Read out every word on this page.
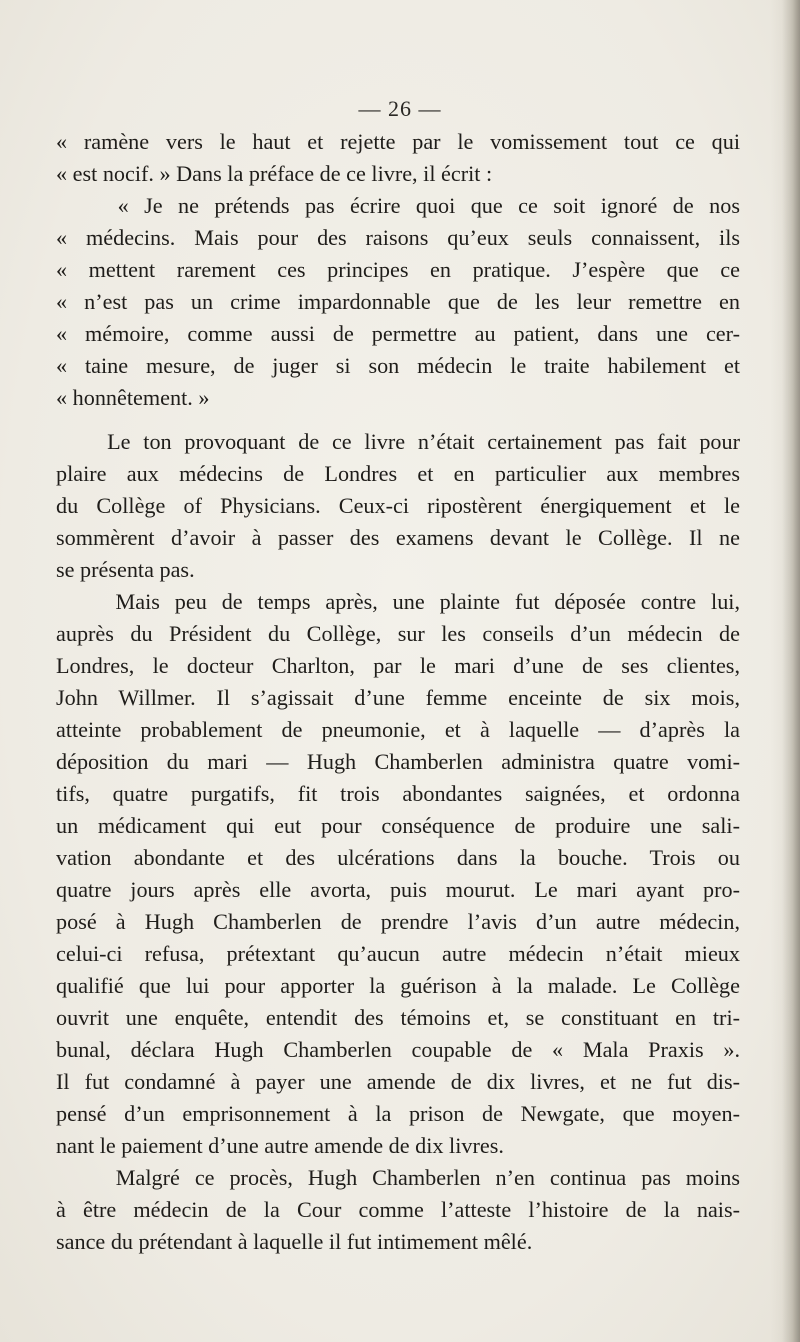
— 26 —
« ramène vers le haut et rejette par le vomissement tout ce qui
« est nocif. » Dans la préface de ce livre, il écrit :
« Je ne prétends pas écrire quoi que ce soit ignoré de nos
« médecins. Mais pour des raisons qu’eux seuls connaissent, ils
« mettent rarement ces principes en pratique. J’espère que ce
« n’est pas un crime impardonnable que de les leur remettre en
« mémoire, comme aussi de permettre au patient, dans une cer-
« taine mesure, de juger si son médecin le traite habilement et
« honnêtement. »
Le ton provoquant de ce livre n’était certainement pas fait pour
plaire aux médecins de Londres et en particulier aux membres
du Collège of Physicians. Ceux-ci ripostèrent énergiquement et le
sommèrent d’avoir à passer des examens devant le Collège. Il ne
se présenta pas.
Mais peu de temps après, une plainte fut déposée contre lui,
auprès du Président du Collège, sur les conseils d’un médecin de
Londres, le docteur Charlton, par le mari d’une de ses clientes,
John Willmer. Il s’agissait d’une femme enceinte de six mois,
atteinte probablement de pneumonie, et à laquelle — d’après la
déposition du mari — Hugh Chamberlen administra quatre vomi-
tifs, quatre purgatifs, fit trois abondantes saignées, et ordonna
un médicament qui eut pour conséquence de produire une sali-
vation abondante et des ulcérations dans la bouche. Trois ou
quatre jours après elle avorta, puis mourut. Le mari ayant pro-
posé à Hugh Chamberlen de prendre l’avis d’un autre médecin,
celui-ci refusa, prétextant qu’aucun autre médecin n’était mieux
qualifié que lui pour apporter la guérison à la malade. Le Collège
ouvrit une enquête, entendit des témoins et, se constituant en tri-
bunal, déclara Hugh Chamberlen coupable de « Mala Praxis ».
Il fut condamné à payer une amende de dix livres, et ne fut dis-
pensé d’un emprisonnement à la prison de Newgate, que moyen-
nant le paiement d’une autre amende de dix livres.
Malgré ce procès, Hugh Chamberlen n’en continua pas moins
à être médecin de la Cour comme l’atteste l’histoire de la nais-
sance du prétendant à laquelle il fut intimement mêlé.
